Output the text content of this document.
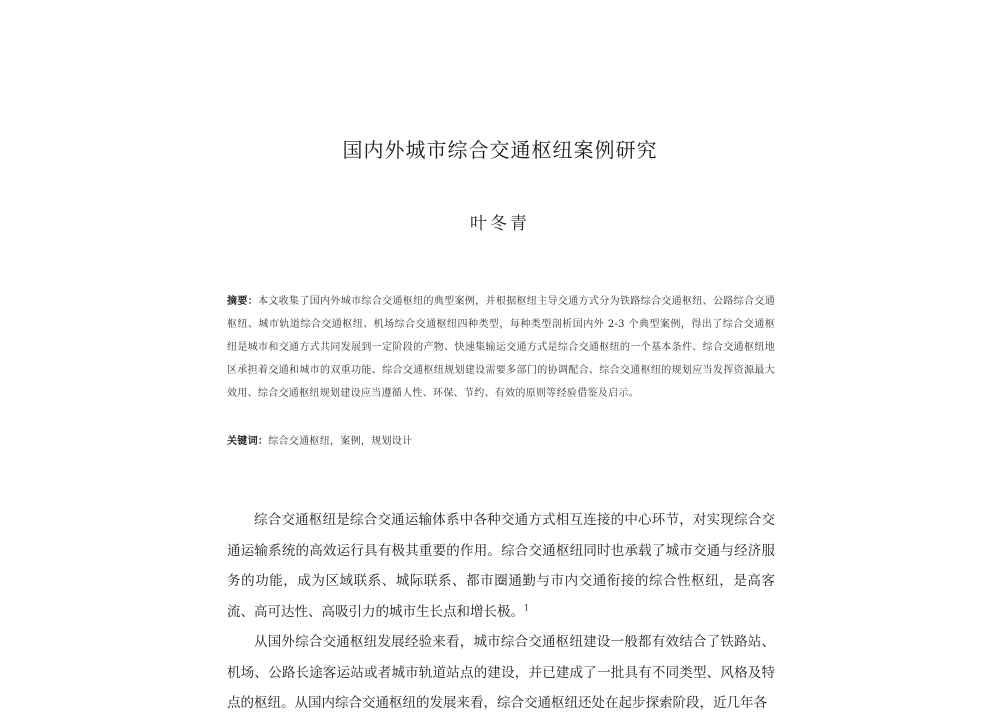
国内外城市综合交通枢纽案例研究
叶冬青
摘要：本文收集了国内外城市综合交通枢纽的典型案例，并根据枢纽主导交通方式分为铁路综合交通枢纽、公路综合交通枢纽、城市轨道综合交通枢纽、机场综合交通枢纽四种类型，每种类型剖析国内外 2-3 个典型案例，得出了综合交通枢纽是城市和交通方式共同发展到一定阶段的产物、快速集输运交通方式是综合交通枢纽的一个基本条件、综合交通枢纽地区承担着交通和城市的双重功能、综合交通枢纽规划建设需要多部门的协调配合、综合交通枢纽的规划应当发挥资源最大效用、综合交通枢纽规划建设应当遵循人性、环保、节约、有效的原则等经验借鉴及启示。
关键词：综合交通枢纽，案例，规划设计

综合交通枢纽是综合交通运输体系中各种交通方式相互连接的中心环节，对实现综合交通运输系统的高效运行具有极其重要的作用。综合交通枢纽同时也承载了城市交通与经济服务的功能，成为区域联系、城际联系、都市圈通勤与市内交通衔接的综合性枢纽，是高客流、高可达性、高吸引力的城市生长点和增长极。$^1$

从国外综合交通枢纽发展经验来看，城市综合交通枢纽建设一般都有效结合了铁路站、机场、公路长途客运站或者城市轨道站点的建设，并已建成了一批具有不同类型、风格及特点的枢纽。从国内综合交通枢纽的发展来看，综合交通枢纽还处在起步探索阶段，近几年各
